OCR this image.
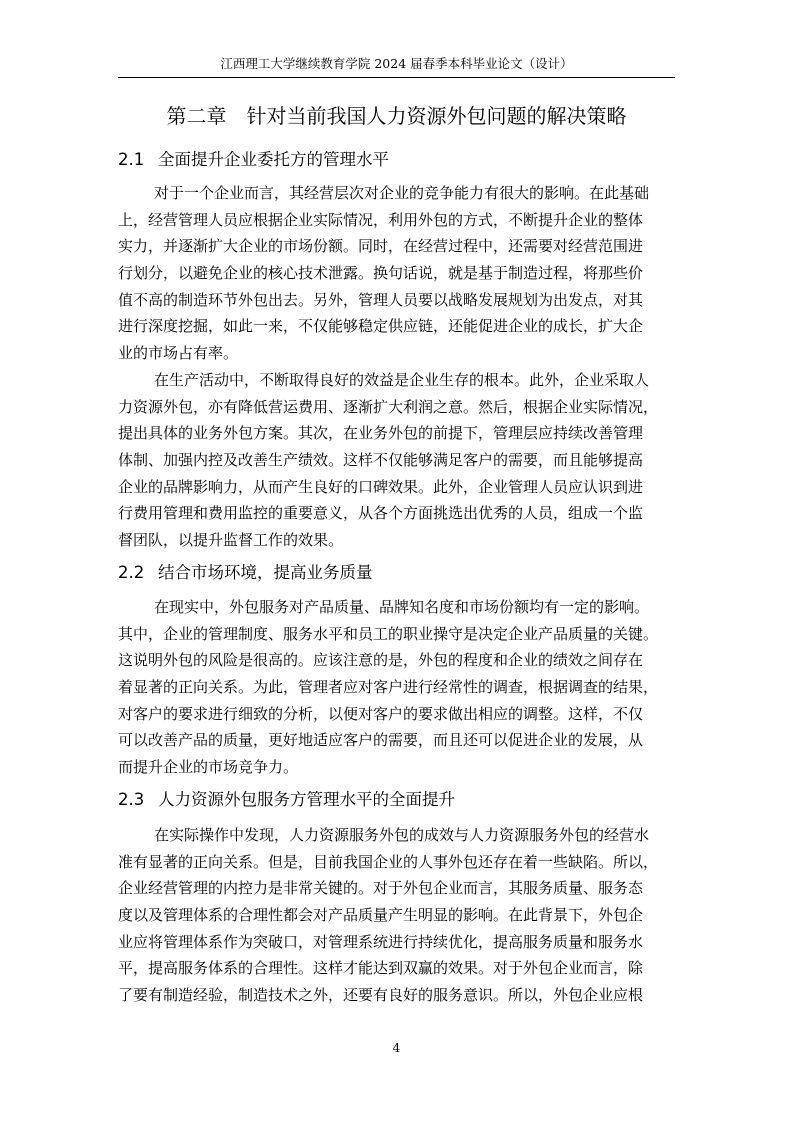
江西理工大学继续教育学院 2024 届春季本科毕业论文（设计）
第二章　针对当前我国人力资源外包问题的解决策略
2.1 全面提升企业委托方的管理水平
对于一个企业而言，其经营层次对企业的竞争能力有很大的影响。在此基础
上，经营管理人员应根据企业实际情况，利用外包的方式，不断提升企业的整体
实力，并逐渐扩大企业的市场份额。同时，在经营过程中，还需要对经营范围进
行划分，以避免企业的核心技术泄露。换句话说，就是基于制造过程，将那些价
值不高的制造环节外包出去。另外，管理人员要以战略发展规划为出发点，对其
进行深度挖掘，如此一来，不仅能够稳定供应链，还能促进企业的成长，扩大企
业的市场占有率。
在生产活动中，不断取得良好的效益是企业生存的根本。此外，企业采取人
力资源外包，亦有降低营运费用、逐渐扩大利润之意。然后，根据企业实际情况，
提出具体的业务外包方案。其次，在业务外包的前提下，管理层应持续改善管理
体制、加强内控及改善生产绩效。这样不仅能够满足客户的需要，而且能够提高
企业的品牌影响力，从而产生良好的口碑效果。此外，企业管理人员应认识到进
行费用管理和费用监控的重要意义，从各个方面挑选出优秀的人员，组成一个监
督团队，以提升监督工作的效果。
2.2 结合市场环境，提高业务质量
在现实中，外包服务对产品质量、品牌知名度和市场份额均有一定的影响。
其中，企业的管理制度、服务水平和员工的职业操守是决定企业产品质量的关键。
这说明外包的风险是很高的。应该注意的是，外包的程度和企业的绩效之间存在
着显著的正向关系。为此，管理者应对客户进行经常性的调查，根据调查的结果，
对客户的要求进行细致的分析，以便对客户的要求做出相应的调整。这样，不仅
可以改善产品的质量，更好地适应客户的需要，而且还可以促进企业的发展，从
而提升企业的市场竞争力。
2.3 人力资源外包服务方管理水平的全面提升
在实际操作中发现，人力资源服务外包的成效与人力资源服务外包的经营水
准有显著的正向关系。但是，目前我国企业的人事外包还存在着一些缺陷。所以，
企业经营管理的内控力是非常关键的。对于外包企业而言，其服务质量、服务态
度以及管理体系的合理性都会对产品质量产生明显的影响。在此背景下，外包企
业应将管理体系作为突破口，对管理系统进行持续优化，提高服务质量和服务水
平，提高服务体系的合理性。这样才能达到双赢的效果。对于外包企业而言，除
了要有制造经验，制造技术之外，还要有良好的服务意识。所以，外包企业应根
4
